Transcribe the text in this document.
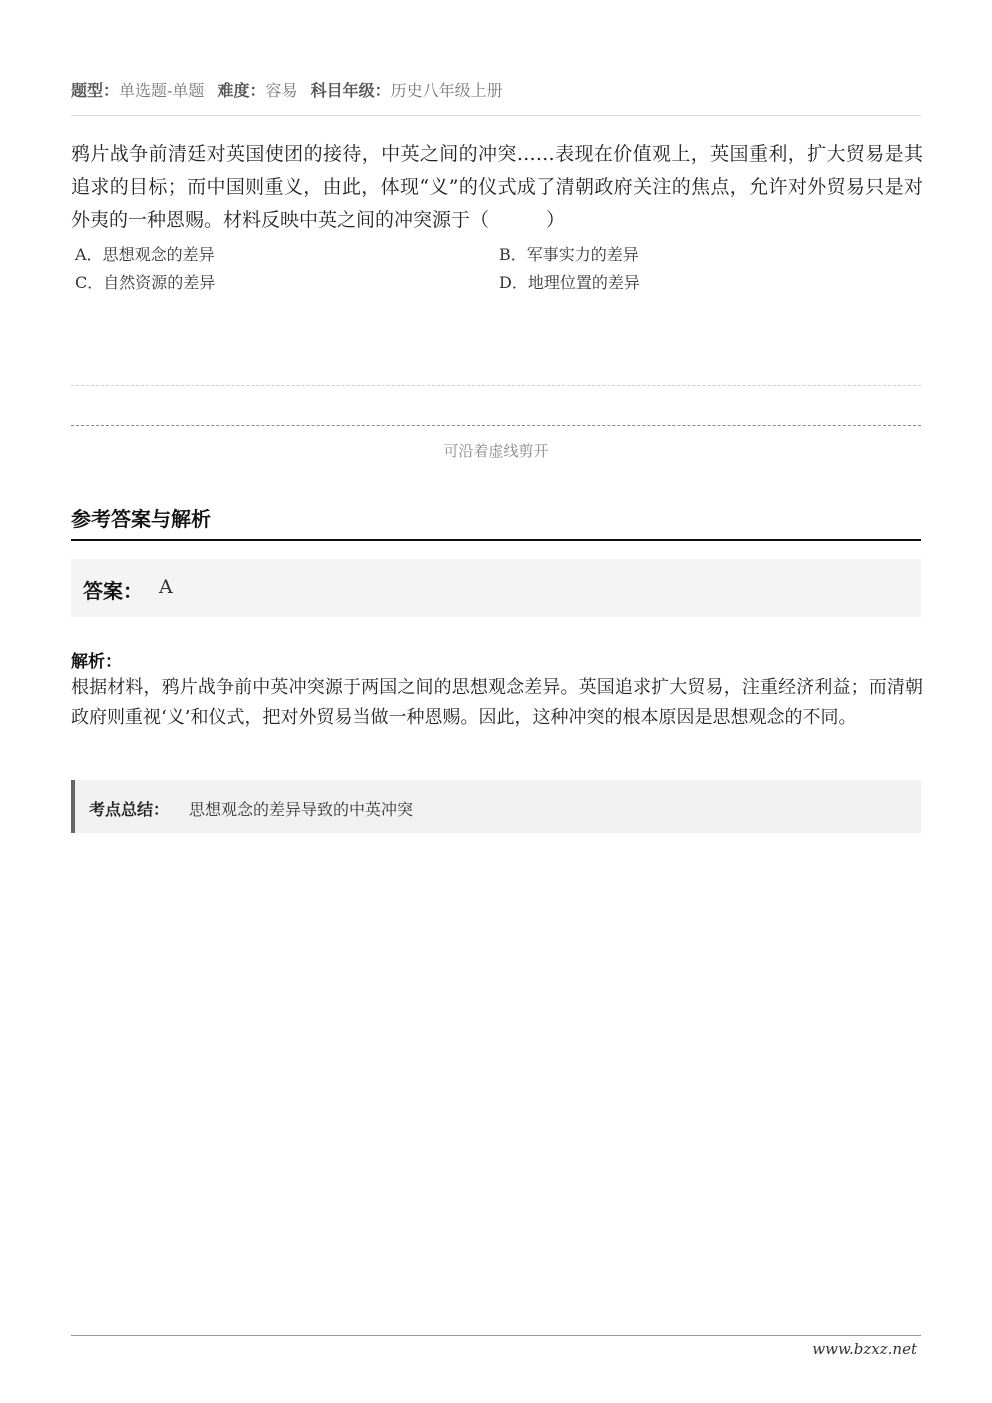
题型：单选题-单题 难度：容易 科目年级：历史八年级上册
鸦片战争前清廷对英国使团的接待，中英之间的冲突……表现在价值观上，英国重利，扩大贸易是其追求的目标；而中国则重义，由此，体现“义”的仪式成了清朝政府关注的焦点，允许对外贸易只是对外夷的一种恩赐。材料反映中英之间的冲突源于（　　　）
A．思想观念的差异	B．军事实力的差异
C．自然资源的差异	D．地理位置的差异
可沿着虚线剪开
参考答案与解析
答案： A
解析：
根据材料，鸦片战争前中英冲突源于两国之间的思想观念差异。英国追求扩大贸易，注重经济利益；而清朝政府则重视‘义’和仪式，把对外贸易当做一种恩赐。因此，这种冲突的根本原因是思想观念的不同。
考点总结： 思想观念的差异导致的中英冲突
www.bzxz.net
